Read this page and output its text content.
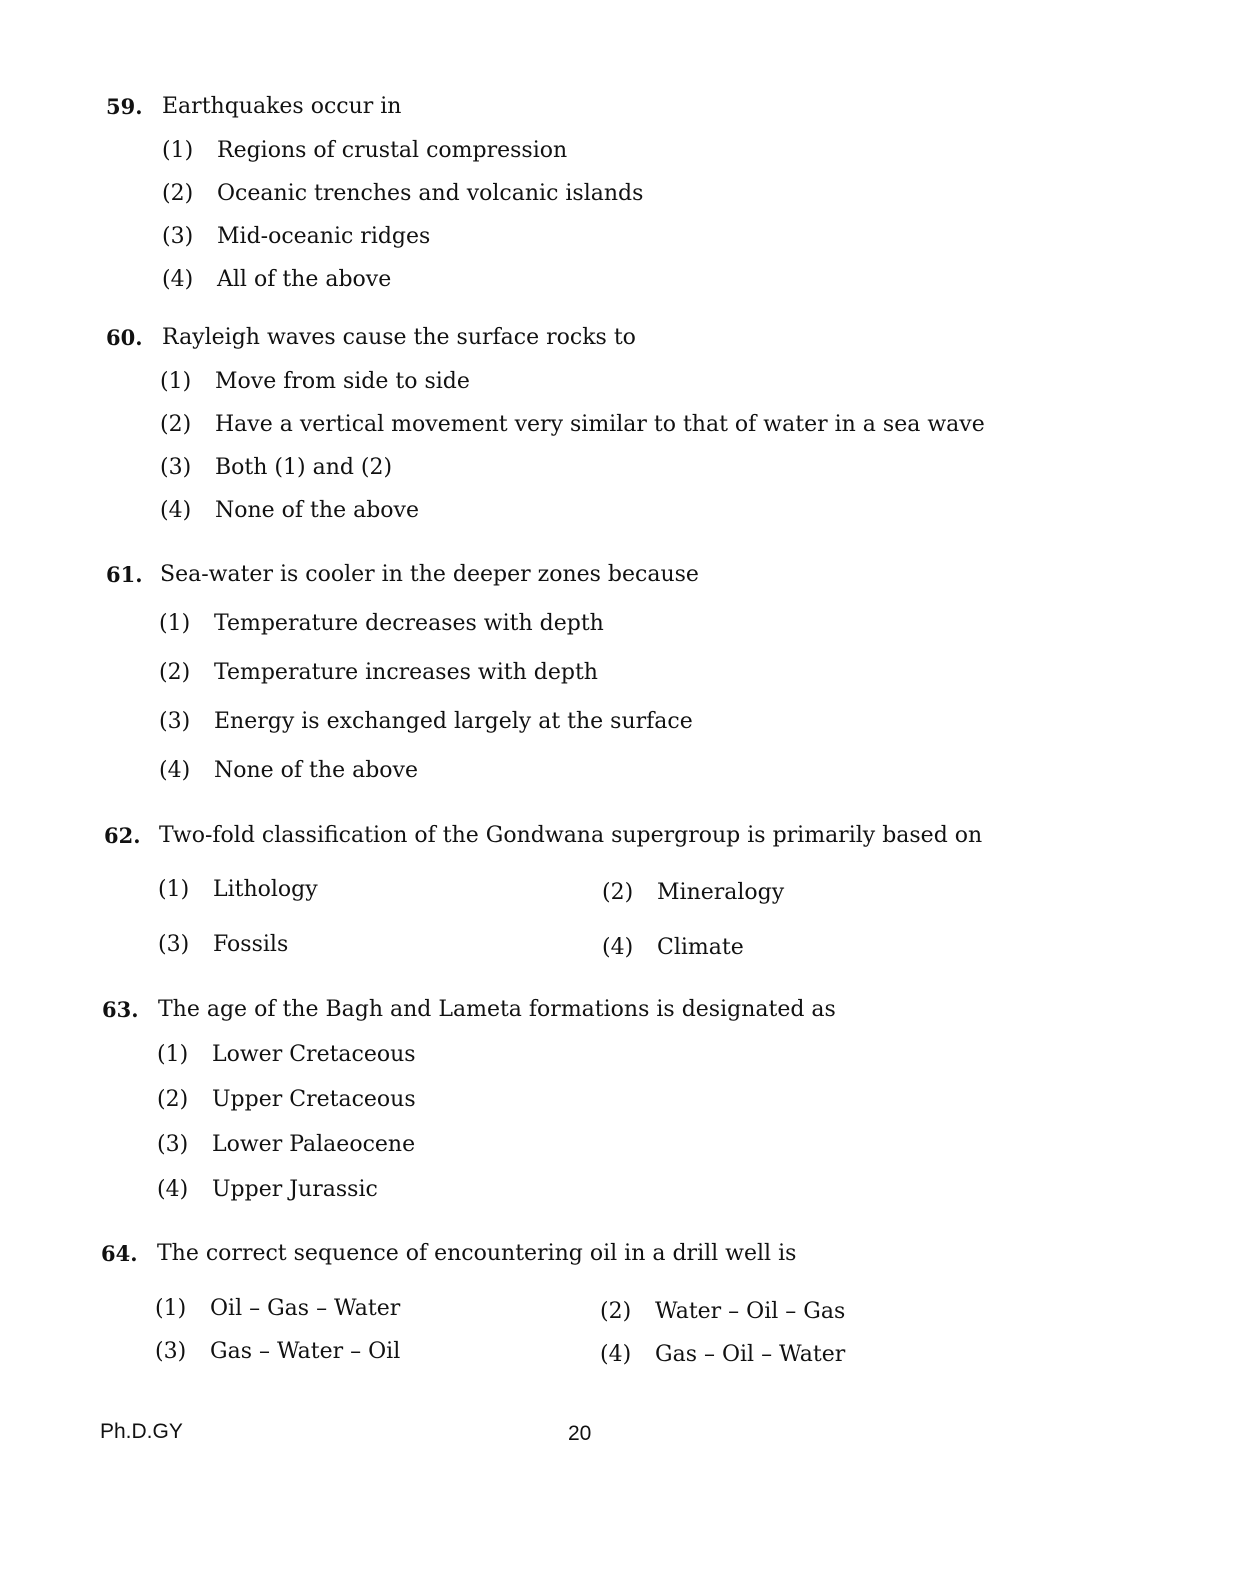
59. Earthquakes occur in
(1) Regions of crustal compression
(2) Oceanic trenches and volcanic islands
(3) Mid-oceanic ridges
(4) All of the above
60. Rayleigh waves cause the surface rocks to
(1) Move from side to side
(2) Have a vertical movement very similar to that of water in a sea wave
(3) Both (1) and (2)
(4) None of the above
61. Sea-water is cooler in the deeper zones because
(1) Temperature decreases with depth
(2) Temperature increases with depth
(3) Energy is exchanged largely at the surface
(4) None of the above
62. Two-fold classification of the Gondwana supergroup is primarily based on
(1) Lithology	(2) Mineralogy
(3) Fossils	(4) Climate
63. The age of the Bagh and Lameta formations is designated as
(1) Lower Cretaceous
(2) Upper Cretaceous
(3) Lower Palaeocene
(4) Upper Jurassic
64. The correct sequence of encountering oil in a drill well is
(1) Oil – Gas – Water	(2) Water – Oil – Gas
(3) Gas – Water – Oil	(4) Gas – Oil – Water
Ph.D.GY	20
